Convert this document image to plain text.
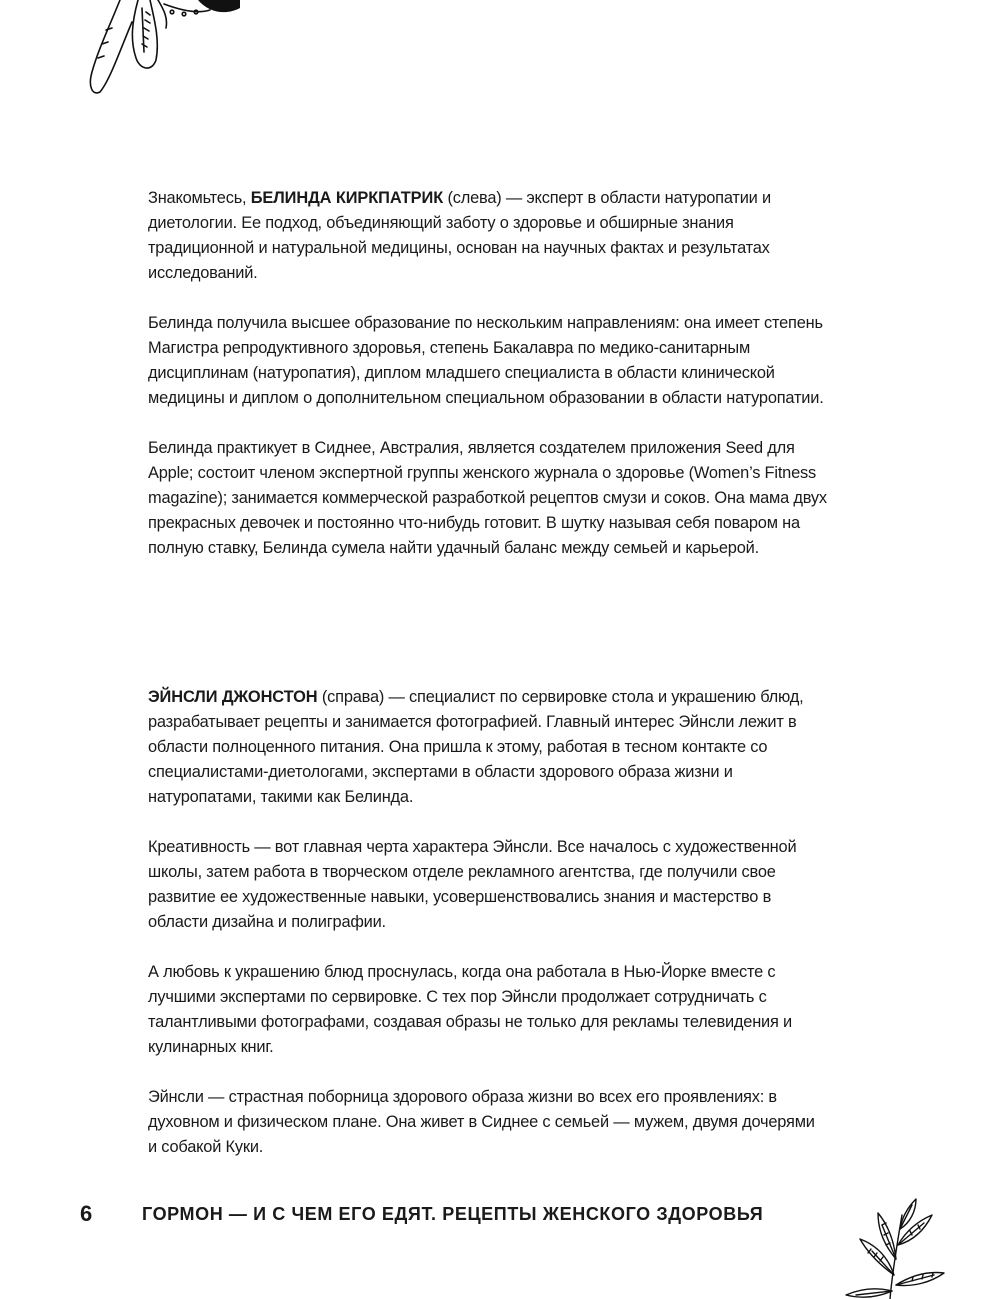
Знакомьтесь, БЕЛИНДА КИРКПАТРИК (слева) — эксперт в области натуропатии и диетологии. Ее подход, объединяющий заботу о здоровье и обширные знания традиционной и натуральной медицины, основан на научных фактах и результатах исследований.

Белинда получила высшее образование по нескольким направлениям: она имеет степень Магистра репродуктивного здоровья, степень Бакалавра по медико-санитарным дисциплинам (натуропатия), диплом младшего специалиста в области клинической медицины и диплом о дополнительном специальном образовании в области натуропатии.

Белинда практикует в Сиднее, Австралия, является создателем приложения Seed для Apple; состоит членом экспертной группы женского журнала о здоровье (Women’s Fitness magazine); занимается коммерческой разработкой рецептов смузи и соков. Она мама двух прекрасных девочек и постоянно что-нибудь готовит. В шутку называя себя поваром на полную ставку, Белинда сумела найти удачный баланс между семьей и карьерой.

ЭЙНСЛИ ДЖОНСТОН (справа) — специалист по сервировке стола и украшению блюд, разрабатывает рецепты и занимается фотографией. Главный интерес Эйнсли лежит в области полноценного питания. Она пришла к этому, работая в тесном контакте со специалистами-диетологами, экспертами в области здорового образа жизни и натуропатами, такими как Белинда.

Креативность — вот главная черта характера Эйнсли. Все началось с художественной школы, затем работа в творческом отделе рекламного агентства, где получили свое развитие ее художественные навыки, усовершенствовались знания и мастерство в области дизайна и полиграфии.

А любовь к украшению блюд проснулась, когда она работала в Нью-Йорке вместе с лучшими экспертами по сервировке. С тех пор Эйнсли продолжает сотрудничать с талантливыми фотографами, создавая образы не только для рекламы телевидения и кулинарных книг.

Эйнсли — страстная поборница здорового образа жизни во всех его проявлениях: в духовном и физическом плане. Она живет в Сиднее с семьей — мужем, двумя дочерями и собакой Куки.

6	ГОРМОН — И С ЧЕМ ЕГО ЕДЯТ. РЕЦЕПТЫ ЖЕНСКОГО ЗДОРОВЬЯ
